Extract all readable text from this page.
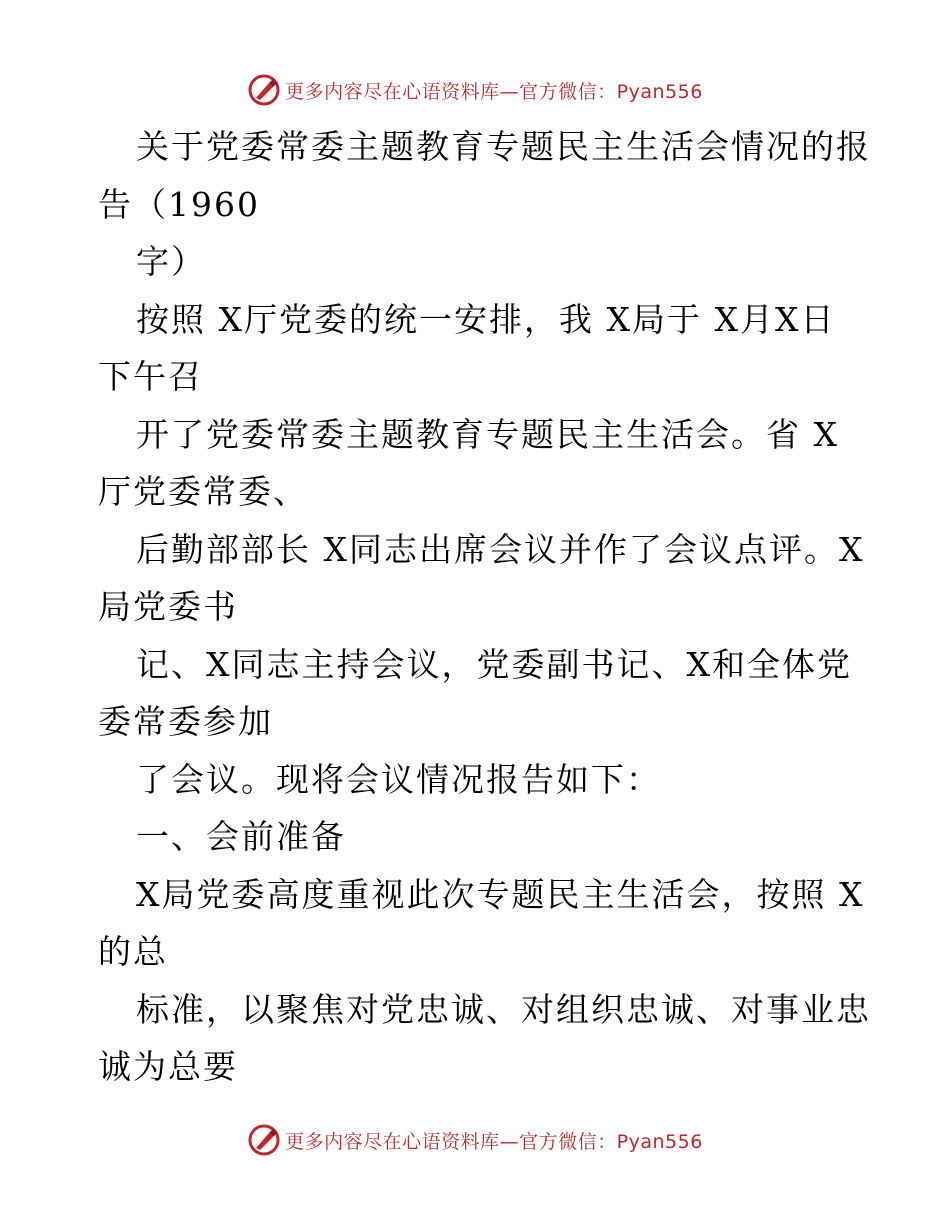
更多内容尽在心语资料库—官方微信：Pyan556
关于党委常委主题教育专题民主生活会情况的报
告（1960
字）
按照 X厅党委的统一安排，我 X局于 X月X日
下午召
开了党委常委主题教育专题民主生活会。省 X
厅党委常委、
后勤部部长 X同志出席会议并作了会议点评。X
局党委书
记、X同志主持会议，党委副书记、X和全体党
委常委参加
了会议。现将会议情况报告如下：
一、会前准备
X局党委高度重视此次专题民主生活会，按照 X
的总
标准，以聚焦对党忠诚、对组织忠诚、对事业忠
诚为总要
更多内容尽在心语资料库—官方微信：Pyan556
